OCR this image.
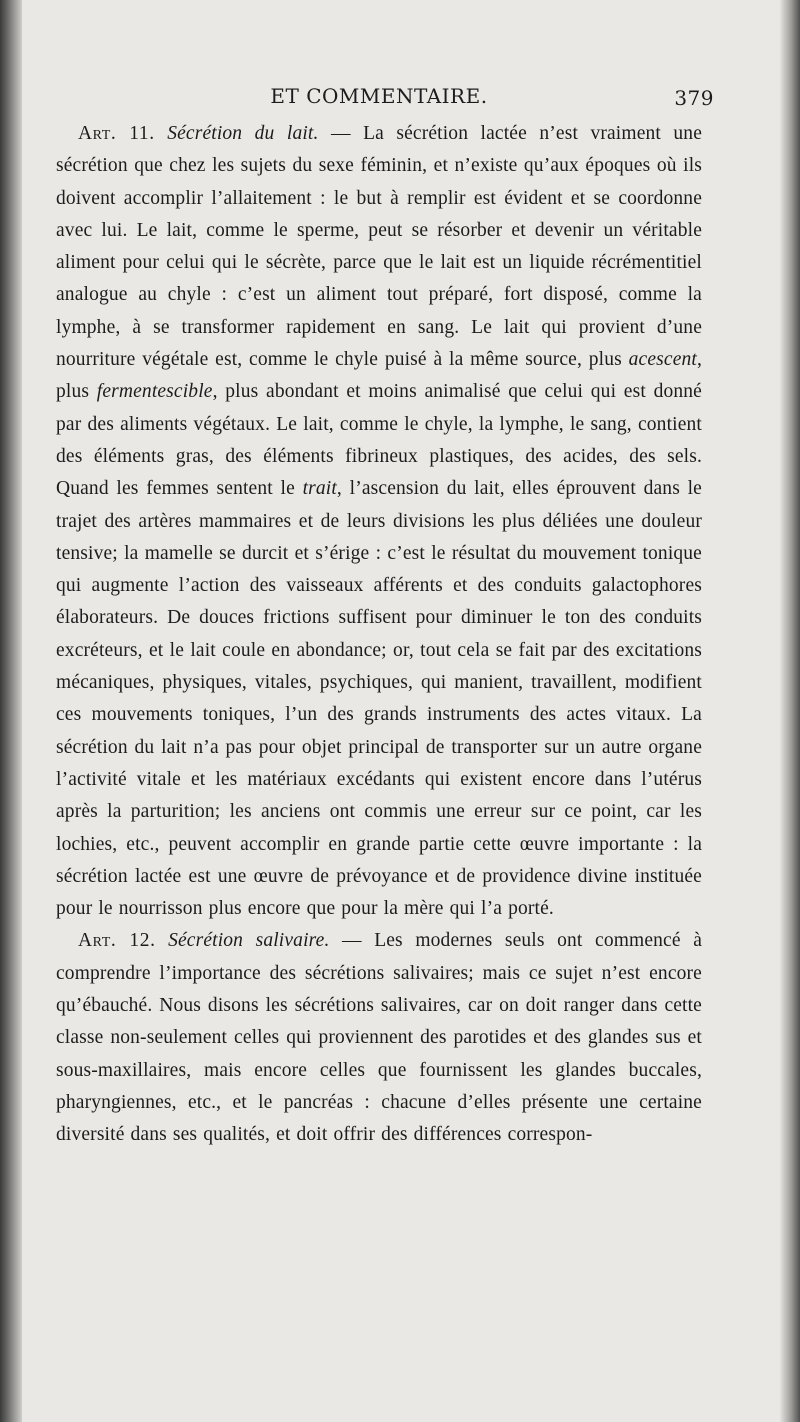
ET COMMENTAIRE.	379

Art. 11. Sécrétion du lait. — La sécrétion lactée n’est vraiment une sécrétion que chez les sujets du sexe féminin, et n’existe qu’aux époques où ils doivent accomplir l’allaitement : le but à remplir est évident et se coordonne avec lui. Le lait, comme le sperme, peut se résorber et devenir un véritable aliment pour celui qui le sécrète, parce que le lait est un liquide récrémentitiel analogue au chyle : c’est un aliment tout préparé, fort disposé, comme la lymphe, à se transformer rapidement en sang. Le lait qui provient d’une nourriture végétale est, comme le chyle puisé à la même source, plus acescent, plus fermentescible, plus abondant et moins animalisé que celui qui est donné par des aliments végétaux. Le lait, comme le chyle, la lymphe, le sang, contient des éléments gras, des éléments fibrineux plastiques, des acides, des sels. Quand les femmes sentent le trait, l’ascension du lait, elles éprouvent dans le trajet des artères mammaires et de leurs divisions les plus déliées une douleur tensive; la mamelle se durcit et s’érige : c’est le résultat du mouvement tonique qui augmente l’action des vaisseaux afférents et des conduits galactophores élaborateurs. De douces frictions suffisent pour diminuer le ton des conduits excréteurs, et le lait coule en abondance; or, tout cela se fait par des excitations mécaniques, physiques, vitales, psychiques, qui manient, travaillent, modifient ces mouvements toniques, l’un des grands instruments des actes vitaux. La sécrétion du lait n’a pas pour objet principal de transporter sur un autre organe l’activité vitale et les matériaux excédants qui existent encore dans l’utérus après la parturition; les anciens ont commis une erreur sur ce point, car les lochies, etc., peuvent accomplir en grande partie cette œuvre importante : la sécrétion lactée est une œuvre de prévoyance et de providence divine instituée pour le nourrisson plus encore que pour la mère qui l’a porté.

Art. 12. Sécrétion salivaire. — Les modernes seuls ont commencé à comprendre l’importance des sécrétions salivaires; mais ce sujet n’est encore qu’ébauché. Nous disons les sécrétions salivaires, car on doit ranger dans cette classe non-seulement celles qui proviennent des parotides et des glandes sus et sous-maxillaires, mais encore celles que fournissent les glandes buccales, pharyngiennes, etc., et le pancréas : chacune d’elles présente une certaine diversité dans ses qualités, et doit offrir des différences correspon-
